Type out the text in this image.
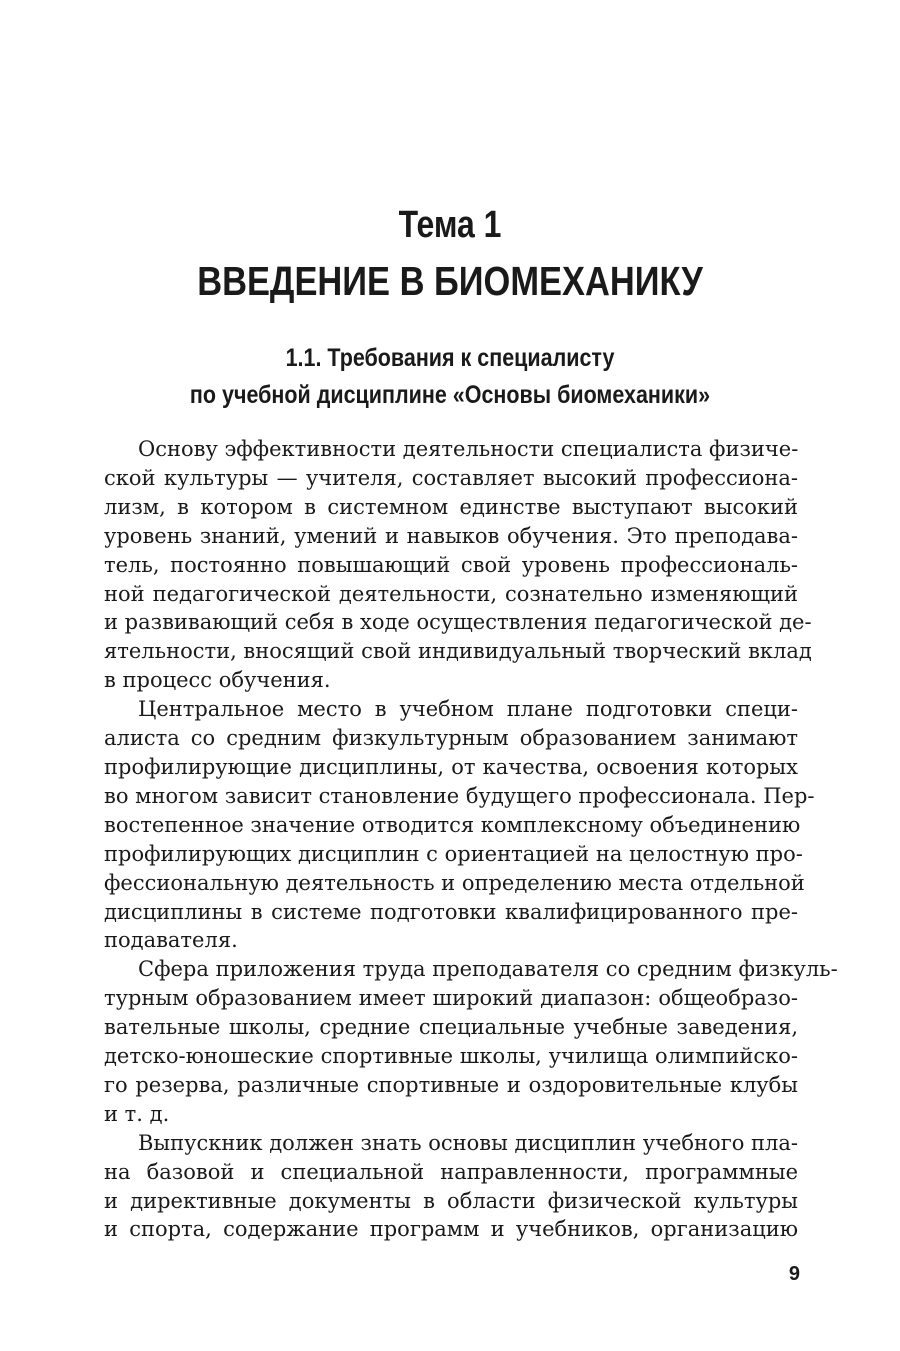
Тема 1
ВВЕДЕНИЕ В БИОМЕХАНИКУ
1.1. Требования к специалисту
по учебной дисциплине «Основы биомеханики»

Основу эффективности деятельности специалиста физиче-
ской культуры — учителя, составляет высокий профессиона-
лизм, в котором в системном единстве выступают высокий
уровень знаний, умений и навыков обучения. Это преподава-
тель, постоянно повышающий свой уровень профессиональ-
ной педагогической деятельности, сознательно изменяющий
и развивающий себя в ходе осуществления педагогической де-
ятельности, вносящий свой индивидуальный творческий вклад
в процесс обучения.

Центральное место в учебном плане подготовки специ-
алиста со средним физкультурным образованием занимают
профилирующие дисциплины, от качества, освоения которых
во многом зависит становление будущего профессионала. Пер-
востепенное значение отводится комплексному объединению
профилирующих дисциплин с ориентацией на целостную про-
фессиональную деятельность и определению места отдельной
дисциплины в системе подготовки квалифицированного пре-
подавателя.

Сфера приложения труда преподавателя со средним физкуль-
турным образованием имеет широкий диапазон: общеобразо-
вательные школы, средние специальные учебные заведения,
детско-юношеские спортивные школы, училища олимпийско-
го резерва, различные спортивные и оздоровительные клубы
и т. д.

Выпускник должен знать основы дисциплин учебного пла-
на базовой и специальной направленности, программные
и директивные документы в области физической культуры
и спорта, содержание программ и учебников, организацию

9
